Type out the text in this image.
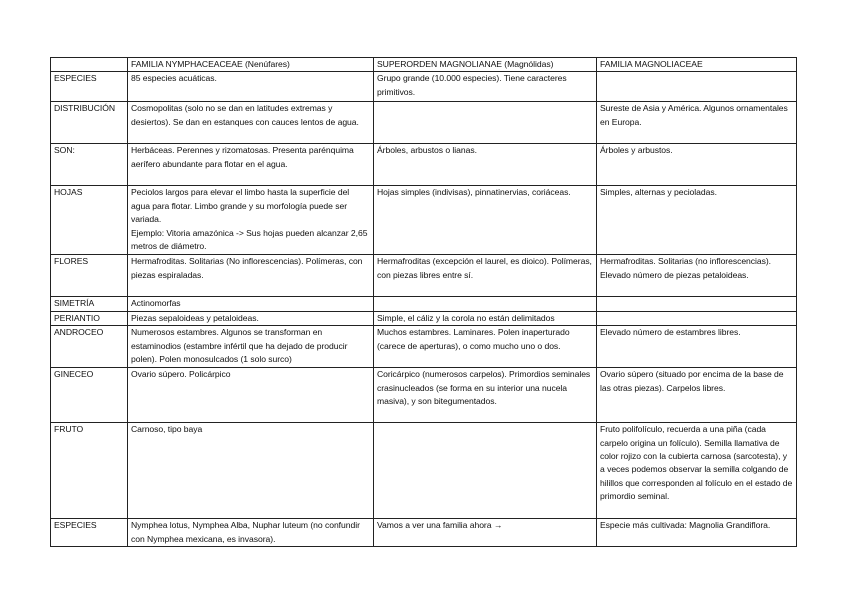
	FAMILIA NYMPHACEACEAE (Nenúfares)	SUPERORDEN MAGNOLIANAE (Magnólidas)	FAMILIA MAGNOLIACEAE
ESPECIES	85 especies acuáticas.	Grupo grande (10.000 especies). Tiene caracteres primitivos.	
DISTRIBUCIÓN	Cosmopolitas (solo no se dan en latitudes extremas y desiertos). Se dan en estanques con cauces lentos de agua.		Sureste de Asia y América. Algunos ornamentales en Europa.
SON:	Herbáceas. Perennes y rizomatosas. Presenta parénquima aerífero abundante para flotar en el agua.	Árboles, arbustos o lianas.	Árboles y arbustos.
HOJAS	Peciolos largos para elevar el limbo hasta la superficie del agua para flotar. Limbo grande y su morfología puede ser variada.
Ejemplo: Vitoria amazónica -> Sus hojas pueden alcanzar 2,65 metros de diámetro.	Hojas simples (indivisas), pinnatinervias, coriáceas.	Simples, alternas y pecioladas.
FLORES	Hermafroditas. Solitarias (No inflorescencias). Polímeras, con piezas espiraladas.	Hermafroditas (excepción el laurel, es dioico). Polímeras, con piezas libres entre sí.	Hermafroditas. Solitarias (no inflorescencias). Elevado número de piezas petaloideas.
SIMETRÍA	Actinomorfas		
PERIANTIO	Piezas sepaloideas y petaloideas.	Simple, el cáliz y la corola no están delimitados	
ANDROCEO	Numerosos estambres. Algunos se transforman en estaminodios (estambre infértil que ha dejado de producir polen). Polen monosulcados (1 solo surco)	Muchos estambres. Laminares. Polen inaperturado (carece de aperturas), o como mucho uno o dos.	Elevado número de estambres libres.
GINECEO	Ovario súpero. Policárpico	Coricárpico (numerosos carpelos). Primordios seminales crasinucleados (se forma en su interior una nucela masiva), y son bitegumentados.	Ovario súpero (situado por encima de la base de las otras piezas). Carpelos libres.
FRUTO	Carnoso, tipo baya		Fruto polifolículo, recuerda a una piña (cada carpelo origina un folículo). Semilla llamativa de color rojizo con la cubierta carnosa (sarcotesta), y a veces podemos observar la semilla colgando de hilillos que corresponden al folículo en el estado de primordio seminal.
ESPECIES	Nymphea lotus, Nymphea Alba, Nuphar luteum (no confundir con Nymphea mexicana, es invasora).	Vamos a ver una familia ahora →	Especie más cultivada: Magnolia Grandiflora.
